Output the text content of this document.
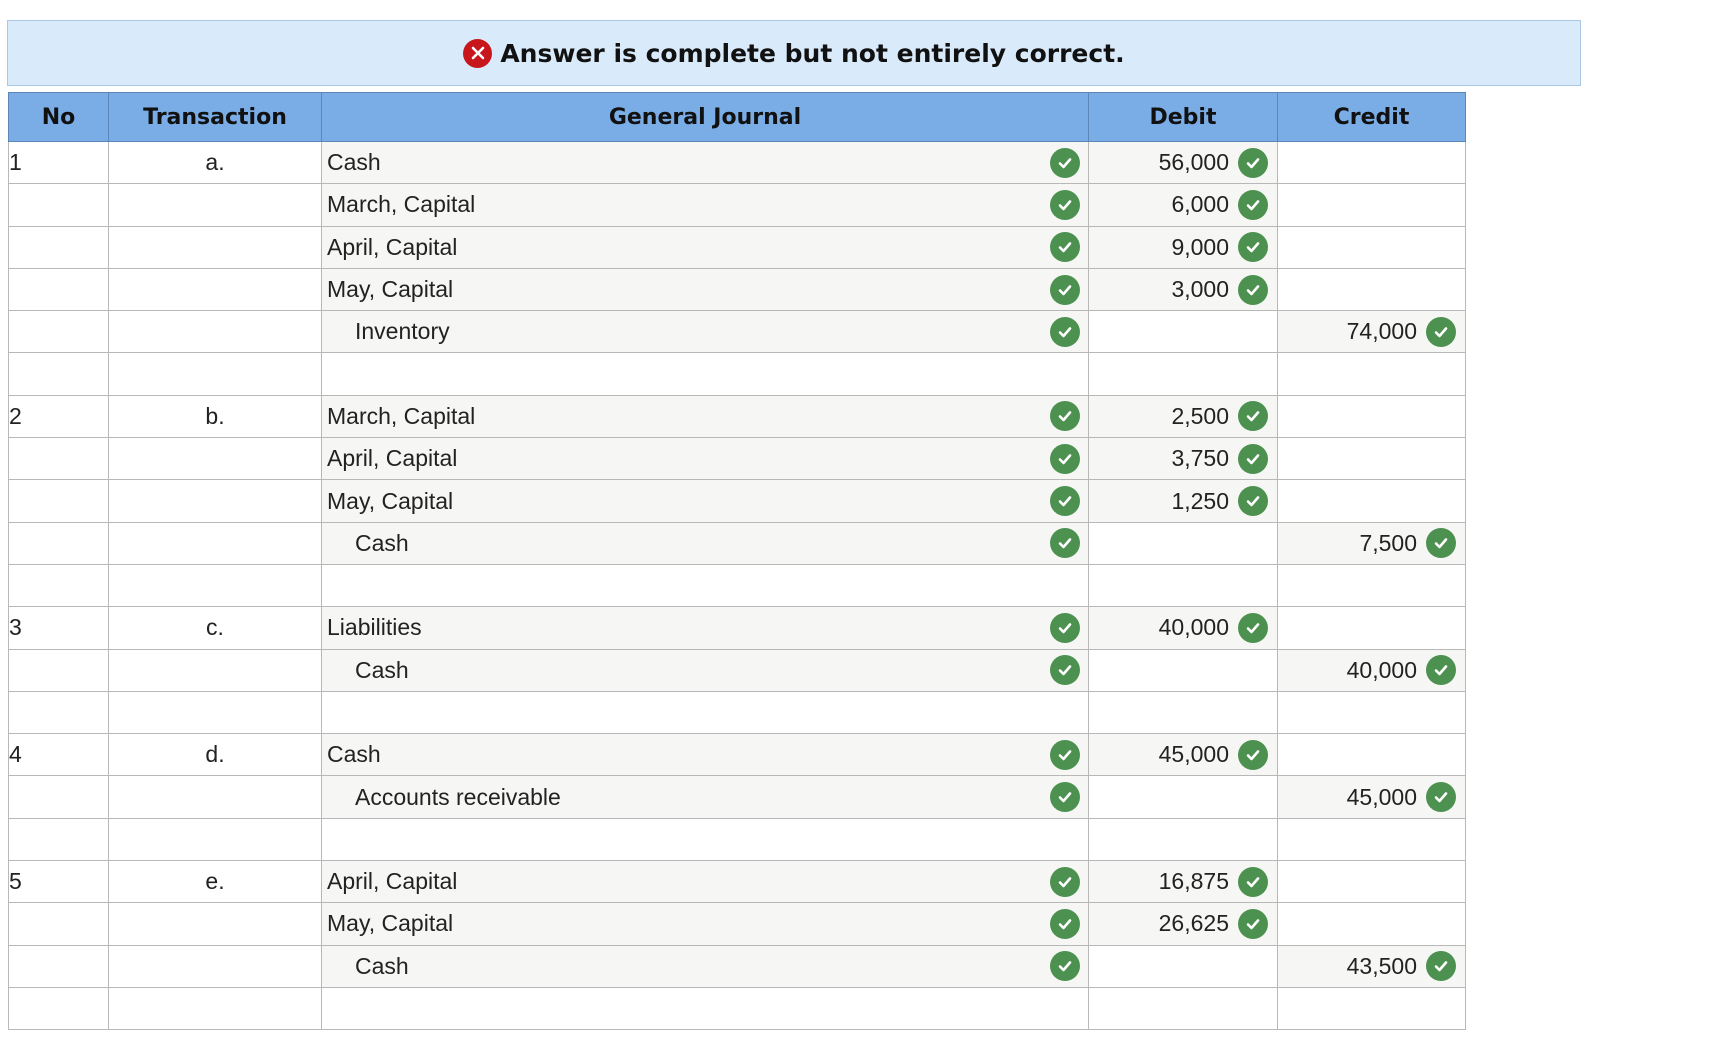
Answer is complete but not entirely correct.
No	Transaction	General Journal	Debit	Credit
1	a.	Cash	56,000	

		March, Capital	6,000	

		April, Capital	9,000	

		May, Capital	3,000	

		Inventory		74,000

2	b.	March, Capital	2,500	

		April, Capital	3,750	

		May, Capital	1,250	

		Cash		7,500

3	c.	Liabilities	40,000	

		Cash		40,000

4	d.	Cash	45,000	

		Accounts receivable		45,000

5	e.	April, Capital	16,875	

		May, Capital	26,625	

		Cash		43,500
